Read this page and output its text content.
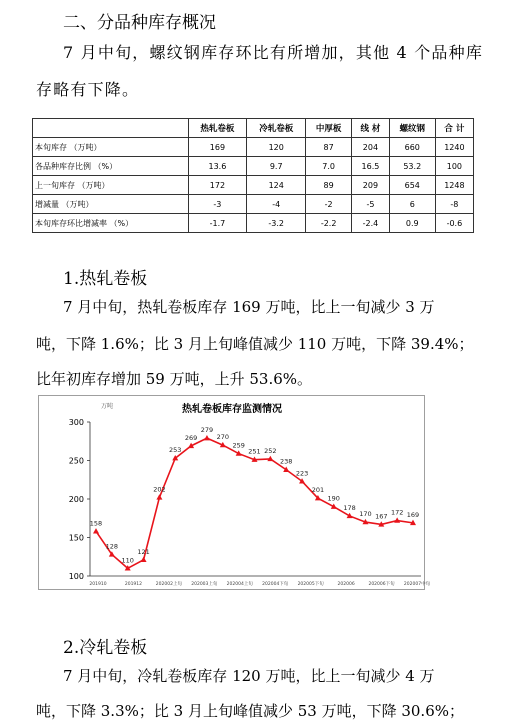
二、分品种库存概况
7 月中旬，螺纹钢库存环比有所增加，其他 4 个品种库
存略有下降。
	热轧卷板	冷轧卷板	中厚板	线 材	螺纹钢	合 计
本旬库存 （万吨）	169	120	87	204	660	1240
各品种库存比例 （%）	13.6	9.7	7.0	16.5	53.2	100
上一旬库存 （万吨）	172	124	89	209	654	1248
增减量 （万吨）	-3	-4	-2	-5	6	-8
本旬库存环比增减率 （%）	-1.7	-3.2	-2.2	-2.4	0.9	-0.6
1.热轧卷板
7 月中旬，热轧卷板库存 169 万吨，比上一旬减少 3 万
吨，下降 1.6%；比 3 月上旬峰值减少 110 万吨，下降 39.4%；
比年初库存增加 59 万吨，上升 53.6%。
热轧卷板库存监测情况
万吨
100
150
200
250
300
201910	201912	202002上旬 202003上旬 202004上旬 202004下旬 202005下旬	202006	202006下旬 202007中旬
158
128
110
121
202
253
269
279
270
259
251 252
238
223
201
190
178
170 167 172 169
2.冷轧卷板
7 月中旬，冷轧卷板库存 120 万吨，比上一旬减少 4 万
吨，下降 3.3%；比 3 月上旬峰值减少 53 万吨，下降 30.6%；
